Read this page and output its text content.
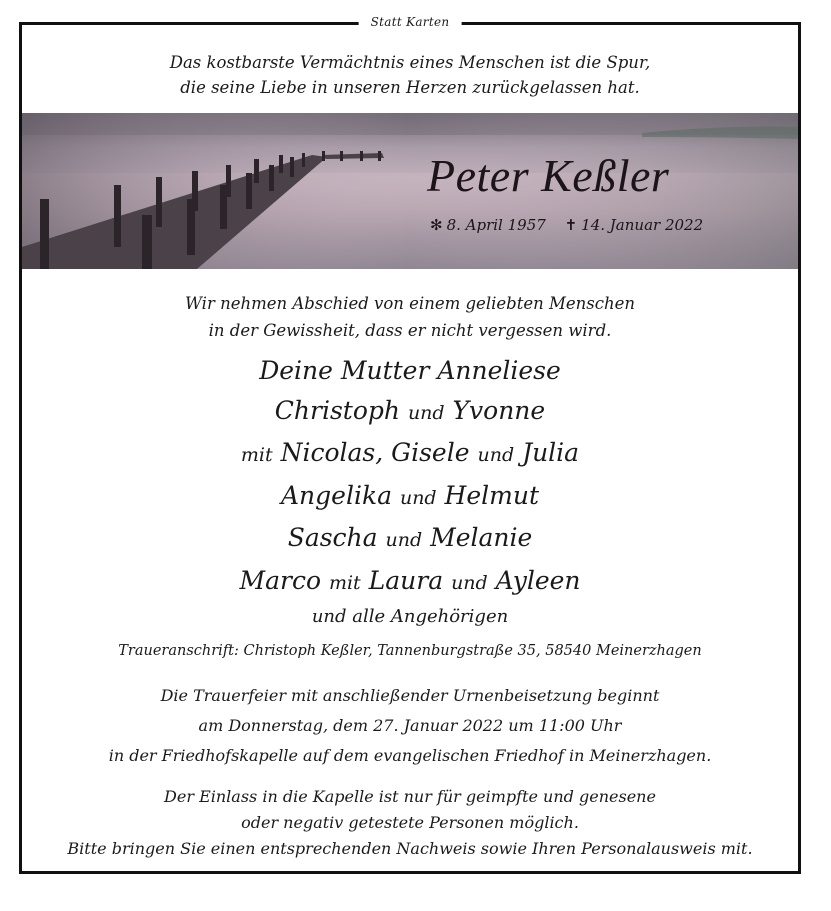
Statt Karten
Das kostbarste Vermächtnis eines Menschen ist die Spur,
die seine Liebe in unseren Herzen zurückgelassen hat.
Peter Keßler
✻ 8. April 1957 ✝ 14. Januar 2022
Wir nehmen Abschied von einem geliebten Menschen
in der Gewissheit, dass er nicht vergessen wird.
Deine Mutter Anneliese
Christoph und Yvonne
mit Nicolas, Gisele und Julia
Angelika und Helmut
Sascha und Melanie
Marco mit Laura und Ayleen
und alle Angehörigen
Traueranschrift: Christoph Keßler, Tannenburgstraße 35, 58540 Meinerzhagen
Die Trauerfeier mit anschließender Urnenbeisetzung beginnt
am Donnerstag, dem 27. Januar 2022 um 11:00 Uhr
in der Friedhofskapelle auf dem evangelischen Friedhof in Meinerzhagen.
Der Einlass in die Kapelle ist nur für geimpfte und genesene
oder negativ getestete Personen möglich.
Bitte bringen Sie einen entsprechenden Nachweis sowie Ihren Personalausweis mit.
